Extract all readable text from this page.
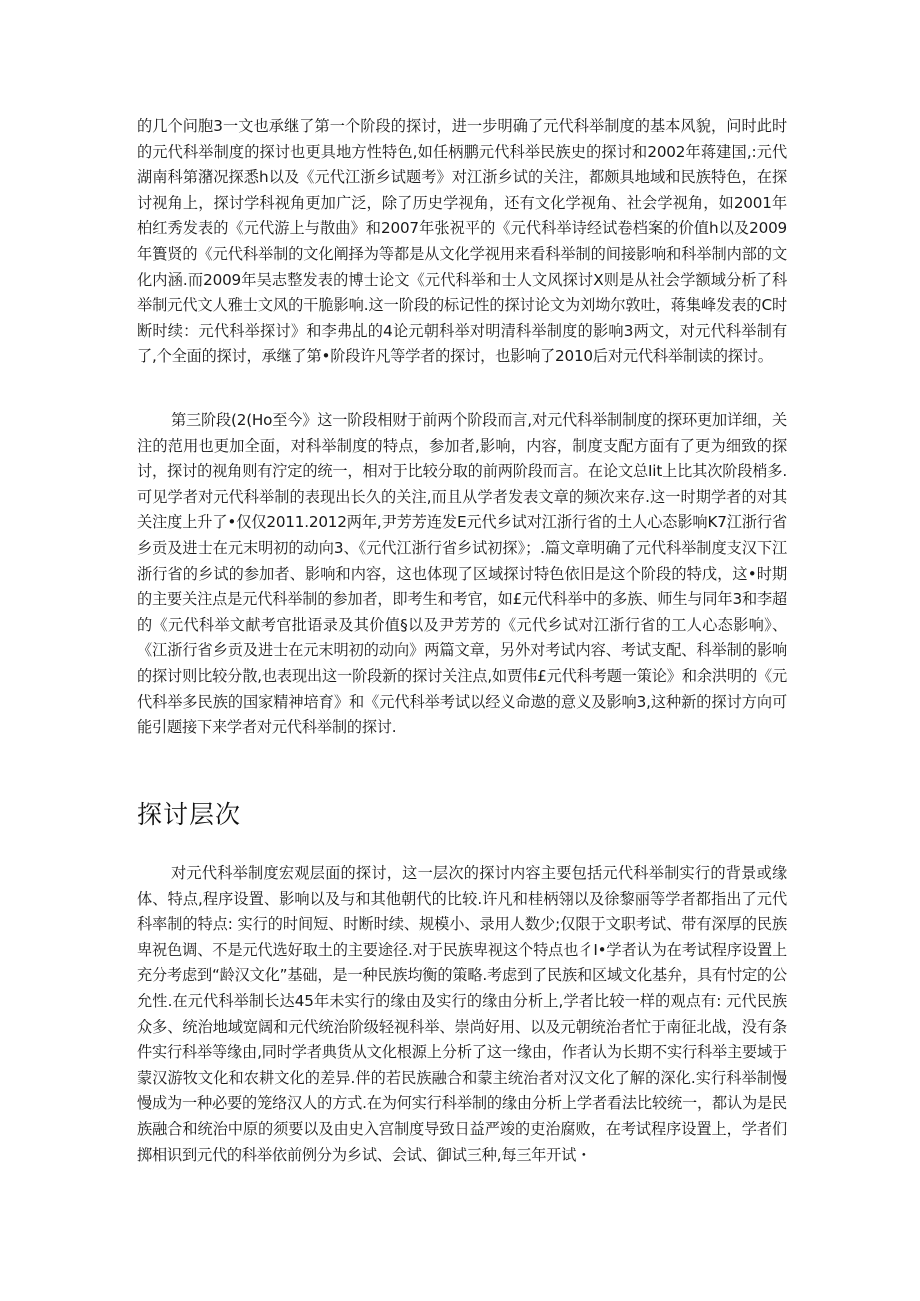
的几个问胞3一文也承继了第一个阶段的探讨，进一步明确了元代科举制度的基本风貌，问时此时的元代科举制度的探讨也更具地方性特色,如任柄鹏元代科举民族史的探讨和2002年蒋建国,:元代湖南科第潴况探悉h以及《元代江浙乡试题考》对江浙乡试的关注，都颇具地域和民族特色，在探讨视角上，探讨学科视角更加广泛，除了历史学视角，还有文化学视角、社会学视角，如2001年柏红秀发表的《元代游上与散曲》和2007年张祝平的《元代科举诗经试卷档案的价值h以及2009年簣贤的《元代科举制的文化阐择为等都是从文化学视用来看科举制的间接影响和科举制内部的文化内涵.而2009年吴志整发表的博士论文《元代科举和士人文风探讨X则是从社会学额域分析了科举制元代文人雅士文风的干脆影响.这一阶段的标记性的探讨论文为刘坳尔敦吐，蒋集峰发表的C时断时续：元代科举探讨》和李弗乩的4论元朝科举对明清科举制度的影响3两文，对元代科举制有了,个全面的探讨，承继了第•阶段许凡等学者的探讨，也影响了2010后对元代科举制读的探讨。

第三阶段(2(Ho至今》这一阶段相财于前两个阶段而言,对元代科举制制度的探环更加详细，关注的范用也更加全面，对科举制度的特点，参加者,影响，内容，制度支配方面有了更为细致的探讨，探讨的视角则有泞定的统一，相对于比较分取的前两阶段而言。在论文总Iit上比其次阶段梢多.可见学者对元代科举制的表现出长久的关注,而且从学者发表文章的频次来存.这一时期学者的对其关注度上升了•仅仅2011.2012两年,尹芳芳连发E元代乡试对江浙行省的土人心态影响K7江浙行省乡贡及进士在元末明初的动向3、《元代江浙行省乡试初探》；.篇文章明确了元代科举制度支汉下江浙行省的乡试的参加者、影响和内容，这也体现了区域探讨特色依旧是这个阶段的特戊，这•时期的主要关注点是元代科举制的参加者，即考生和考官，如£元代科举中的多族、师生与同年3和李超的《元代科举文献考官批语录及其价值§以及尹芳芳的《元代乡试对江浙行省的工人心态影响》、《江浙行省乡贡及进士在元末明初的动向》两篇文章，另外对考试内容、考试支配、科举制的影响的探讨则比较分散,也表现出这一阶段新的探讨关注点,如贾伟£元代科考题一策论》和余洪明的《元代科举多民族的国家精神培育》和《元代科举考试以经义命遨的意义及影响3,这种新的探讨方向可能引题接下来学者对元代科举制的探讨.

探讨层次

对元代科举制度宏观层面的探讨，这一层次的探讨内容主要包括元代科举制实行的背景或缘体、特点,程序设置、影响以及与和其他朝代的比较.许凡和桂柄翎以及徐黎丽等学者都指出了元代科率制的特点: 实行的时间短、时断时续、规模小、录用人数少;仅限于文职考试、带有深厚的民族卑祝色调、不是元代选好取土的主要途径.对于民族卑视这个特点也彳I•学者认为在考试程序设置上充分考虑到“龄汉文化”基础，是一种民族均衡的策略.考虑到了民族和区域文化基弁，具有忖定的公允性.在元代科举制长达45年未实行的缘由及实行的缘由分析上,学者比较一样的观点有: 元代民族众多、统治地域宽阔和元代统治阶级轻视科举、崇尚好用、以及元朝统治者忙于南征北战，没有条件实行科举等缘由,同时学者典货从文化根源上分析了这一缘由，作者认为长期不实行科举主要域于蒙汉游牧文化和农耕文化的差异.伴的若民族融合和蒙主统治者对汉文化了解的深化.实行科举制慢慢成为一种必要的笼络汉人的方式.在为何实行科举制的缘由分析上学者看法比较统一，都认为是民族融合和统治中原的须要以及由史入宫制度导致日益严竣的吏治腐败，在考试程序设置上，学者们掷相识到元代的科举依前例分为乡试、会试、御试三种,每三年开试・
